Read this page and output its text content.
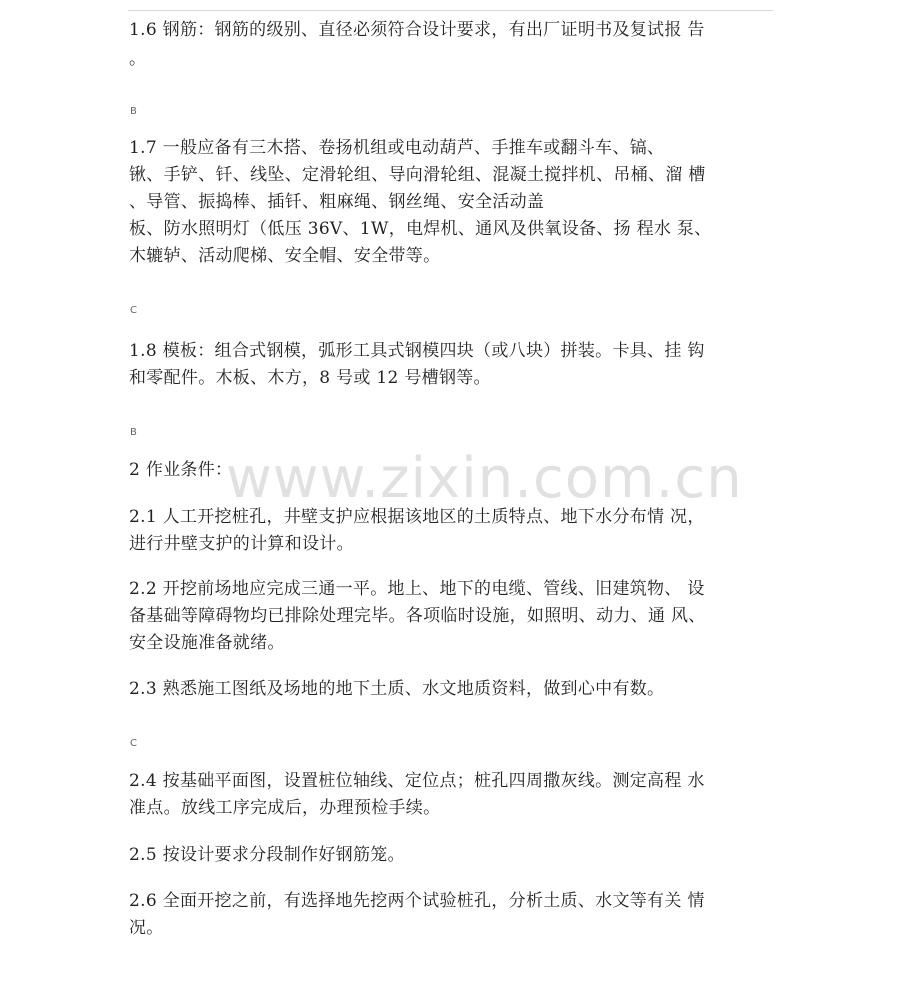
1.6 钢筋：钢筋的级别、直径必须符合设计要求，有出厂证明书及复试报 告
。
B
1.7 一般应备有三木搭、卷扬机组或电动葫芦、手推车或翻斗车、镐、
锹、手铲、钎、线坠、定滑轮组、导向滑轮组、混凝土搅拌机、吊桶、溜 槽
、导管、振捣棒、插钎、粗麻绳、钢丝绳、安全活动盖
板、防水照明灯（低压 36V、1W，电焊机、通风及供氧设备、扬 程水 泵、
木辘轳、活动爬梯、安全帽、安全带等。
C
1.8 模板：组合式钢模，弧形工具式钢模四块（或八块）拼装。卡具、挂 钩
和零配件。木板、木方，8 号或 12 号槽钢等。
B
2 作业条件：
2.1 人工开挖桩孔，井壁支护应根据该地区的土质特点、地下水分布情 况，
进行井壁支护的计算和设计。
2.2 开挖前场地应完成三通一平。地上、地下的电缆、管线、旧建筑物、 设
备基础等障碍物均已排除处理完毕。各项临时设施，如照明、动力、通 风、
安全设施准备就绪。
2.3 熟悉施工图纸及场地的地下土质、水文地质资料，做到心中有数。
C
2.4 按基础平面图，设置桩位轴线、定位点；桩孔四周撒灰线。测定高程 水
准点。放线工序完成后，办理预检手续。
2.5 按设计要求分段制作好钢筋笼。
2.6 全面开挖之前，有选择地先挖两个试验桩孔，分析土质、水文等有关 情
况。
www.zixin.com.cn
